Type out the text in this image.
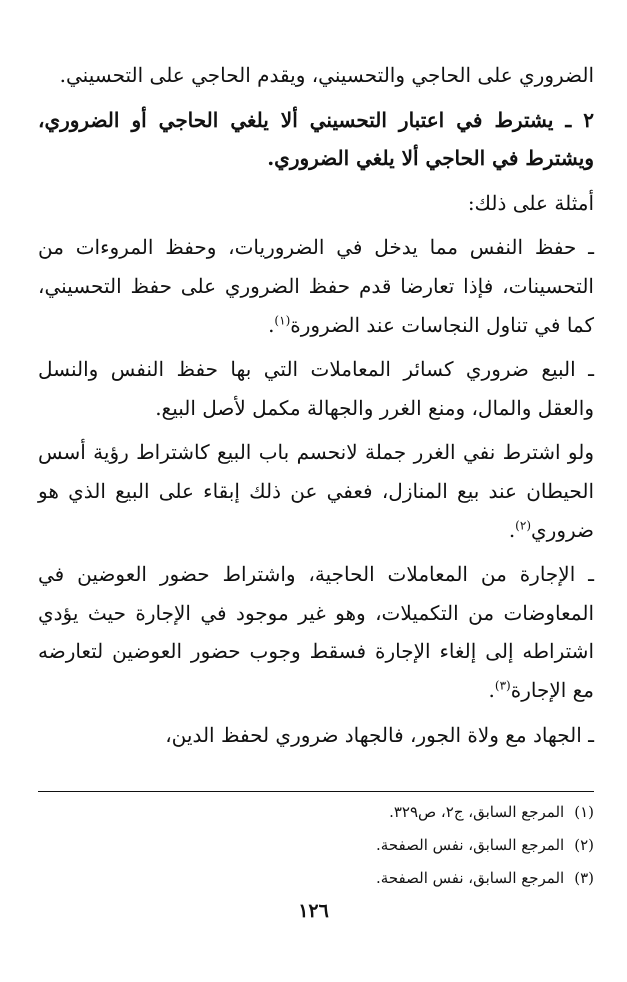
الضروري على الحاجي والتحسيني، ويقدم الحاجي على التحسيني.

٢ ـ يشترط في اعتبار التحسيني ألا يلغي الحاجي أو الضروري، ويشترط في الحاجي ألا يلغي الضروري.

أمثلة على ذلك:

ـ حفظ النفس مما يدخل في الضروريات، وحفظ المروءات من التحسينات، فإذا تعارضا قدم حفظ الضروري على حفظ التحسيني، كما في تناول النجاسات عند الضرورة$^{(١)}$.

ـ البيع ضروري كسائر المعاملات التي بها حفظ النفس والنسل والعقل والمال، ومنع الغرر والجهالة مكمل لأصل البيع.

ولو اشترط نفي الغرر جملة لانحسم باب البيع كاشتراط رؤية أسس الحيطان عند بيع المنازل، فعفي عن ذلك إبقاء على البيع الذي هو ضروري$^{(٢)}$.

ـ الإجارة من المعاملات الحاجية، واشتراط حضور العوضين في المعاوضات من التكميلات، وهو غير موجود في الإجارة حيث يؤدي اشتراطه إلى إلغاء الإجارة فسقط وجوب حضور العوضين لتعارضه مع الإجارة$^{(٣)}$.

ـ الجهاد مع ولاة الجور، فالجهاد ضروري لحفظ الدين،

(١)المرجع السابق، ج٢، ص٣٢٩.
(٢)المرجع السابق، نفس الصفحة.
(٣)المرجع السابق، نفس الصفحة.
١٢٦
